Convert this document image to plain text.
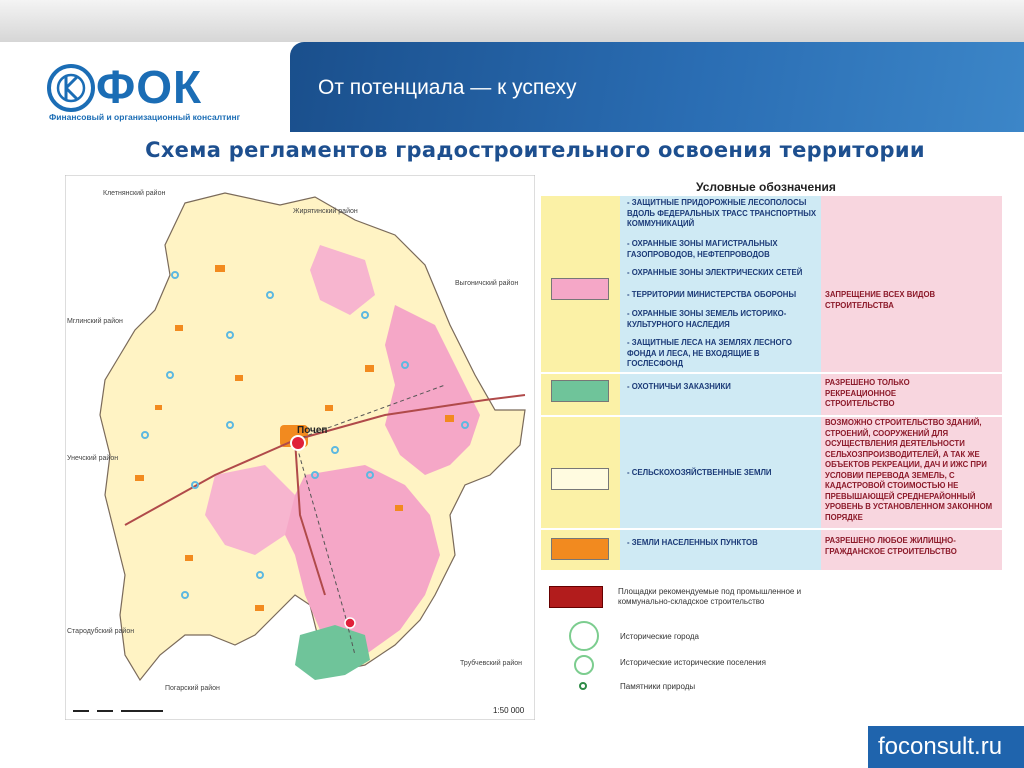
От потенциала — к успеху
ФОК
Финансовый и организационный консалтинг
Схема регламентов градостроительного освоения территории
Клетнянский район
Жирятинский район
Выгоничский район
Мглинский район
Унечский район
Стародубский район
Погарский район
Трубчевский район
Почеп
1:50 000
Условные обозначения
- ЗАЩИТНЫЕ ПРИДОРОЖНЫЕ ЛЕСОПОЛОСЫ ВДОЛЬ ФЕДЕРАЛЬНЫХ ТРАСС ТРАНСПОРТНЫХ КОММУНИКАЦИЙ
- ОХРАННЫЕ ЗОНЫ МАГИСТРАЛЬНЫХ ГАЗОПРОВОДОВ, НЕФТЕПРОВОДОВ
- ОХРАННЫЕ ЗОНЫ ЭЛЕКТРИЧЕСКИХ СЕТЕЙ
- ТЕРРИТОРИИ МИНИСТЕРСТВА ОБОРОНЫ
- ОХРАННЫЕ ЗОНЫ ЗЕМЕЛЬ ИСТОРИКО-КУЛЬТУРНОГО НАСЛЕДИЯ
- ЗАЩИТНЫЕ ЛЕСА НА ЗЕМЛЯХ ЛЕСНОГО ФОНДА И ЛЕСА, НЕ ВХОДЯЩИЕ В ГОСЛЕСФОНД
ЗАПРЕЩЕНИЕ ВСЕХ ВИДОВ СТРОИТЕЛЬСТВА
- ОХОТНИЧЬИ ЗАКАЗНИКИ	РАЗРЕШЕНО ТОЛЬКО РЕКРЕАЦИОННОЕ СТРОИТЕЛЬСТВО
- СЕЛЬСКОХОЗЯЙСТВЕННЫЕ ЗЕМЛИ
ВОЗМОЖНО СТРОИТЕЛЬСТВО ЗДАНИЙ, СТРОЕНИЙ, СООРУЖЕНИЙ ДЛЯ ОСУЩЕСТВЛЕНИЯ ДЕЯТЕЛЬНОСТИ СЕЛЬХОЗПРОИЗВОДИТЕЛЕЙ, А ТАК ЖЕ ОБЪЕКТОВ РЕКРЕАЦИИ, ДАЧ И ИЖС ПРИ УСЛОВИИ ПЕРЕВОДА ЗЕМЕЛЬ, С КАДАСТРОВОЙ СТОИМОСТЬЮ НЕ ПРЕВЫШАЮЩЕЙ СРЕДНЕРАЙОННЫЙ УРОВЕНЬ В УСТАНОВЛЕННОМ ЗАКОННОМ ПОРЯДКЕ
- ЗЕМЛИ НАСЕЛЕННЫХ ПУНКТОВ	РАЗРЕШЕНО ЛЮБОЕ ЖИЛИЩНО-ГРАЖДАНСКОЕ СТРОИТЕЛЬСТВО
Площадки рекомендуемые под промышленное и коммунально-складское строительство
Исторические города
Исторические исторические поселения
Памятники природы
foconsult.ru
